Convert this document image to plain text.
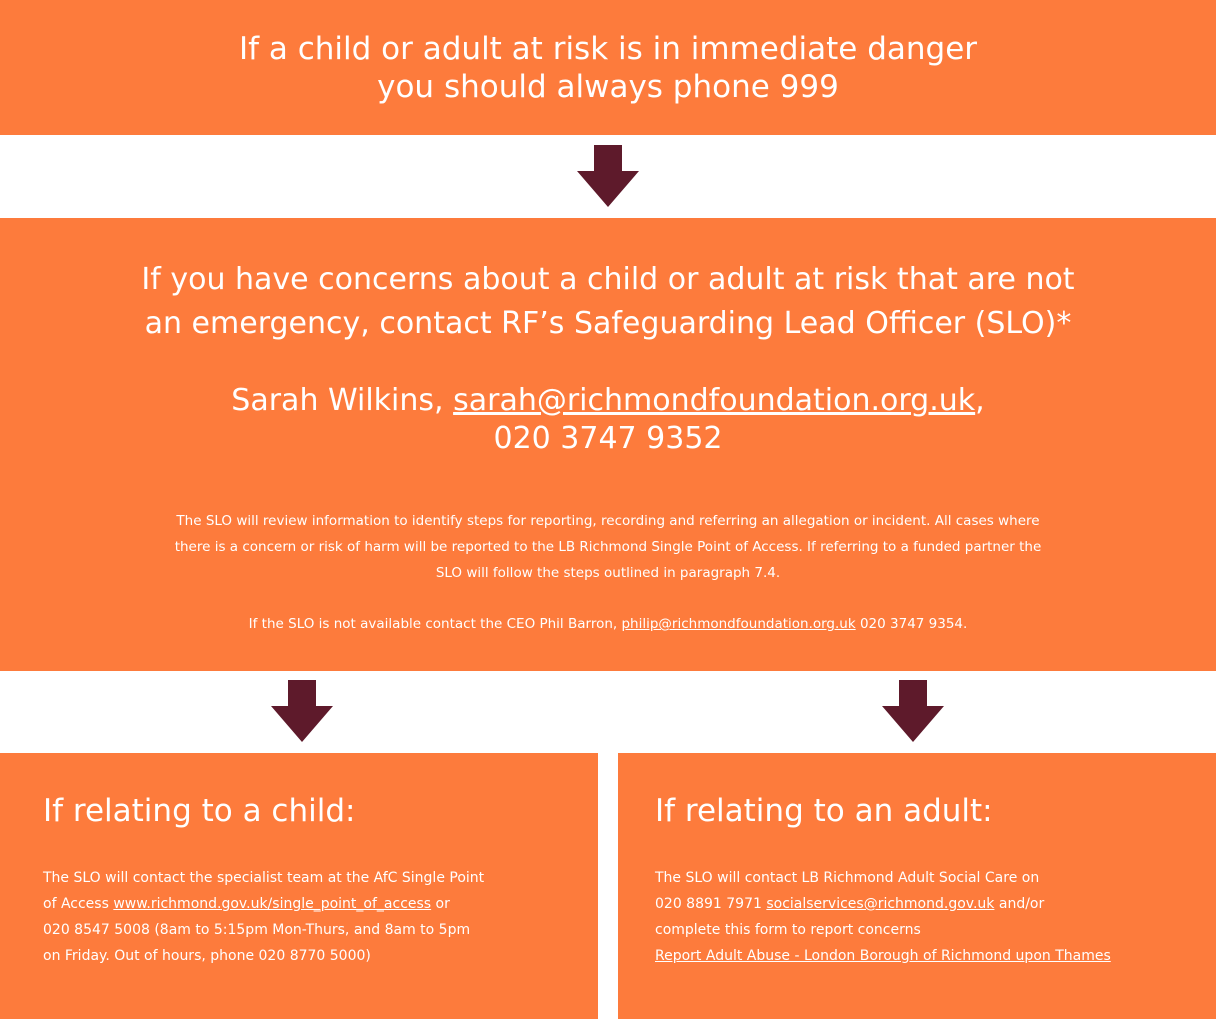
If a child or adult at risk is in immediate danger
you should always phone 999
If you have concerns about a child or adult at risk that are not
an emergency, contact RF’s Safeguarding Lead Officer (SLO)*
Sarah Wilkins, sarah@richmondfoundation.org.uk,
020 3747 9352
The SLO will review information to identify steps for reporting, recording and referring an allegation or incident. All cases where
there is a concern or risk of harm will be reported to the LB Richmond Single Point of Access. If referring to a funded partner the
SLO will follow the steps outlined in paragraph 7.4.
If the SLO is not available contact the CEO Phil Barron, philip@richmondfoundation.org.uk 020 3747 9354.
If relating to a child:
The SLO will contact the specialist team at the AfC Single Point
of Access www.richmond.gov.uk/single_point_of_access or
020 8547 5008 (8am to 5:15pm Mon-Thurs, and 8am to 5pm
on Friday. Out of hours, phone 020 8770 5000)
If relating to an adult:
The SLO will contact LB Richmond Adult Social Care on
020 8891 7971 socialservices@richmond.gov.uk and/or
complete this form to report concerns
Report Adult Abuse - London Borough of Richmond upon Thames
